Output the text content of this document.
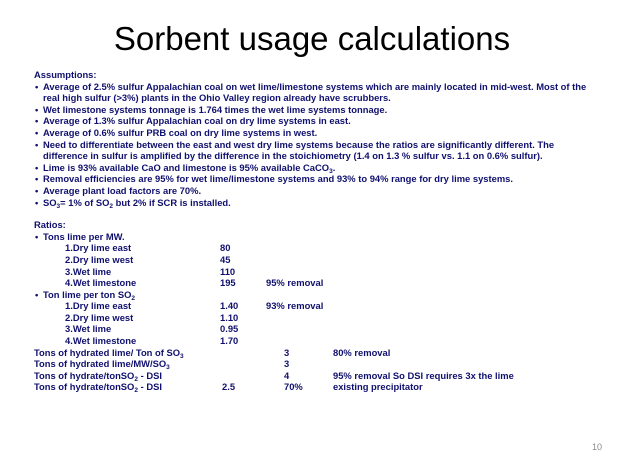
Sorbent usage calculations
Assumptions:
• Average of 2.5% sulfur Appalachian coal on wet lime/limestone systems which are mainly located in mid-west. Most of the real high sulfur (>3%) plants in the Ohio Valley region already have scrubbers.
• Wet limestone systems tonnage is 1.764 times the wet lime systems tonnage.
• Average of 1.3% sulfur Appalachian coal on dry lime systems in east.
• Average of 0.6% sulfur PRB coal on dry lime systems in west.
• Need to differentiate between the east and west dry lime systems because the ratios are significantly different. The difference in sulfur is amplified by the difference in the stoichiometry (1.4 on 1.3 % sulfur vs. 1.1 on 0.6% sulfur).
• Lime is 93% available CaO and limestone is 95% available CaCO$_3$.
• Removal efficiencies are 95% for wet lime/limestone systems and 93% to 94% range for dry lime systems.
• Average plant load factors are 70%.
• $SO_3= 1\%$ of $SO_2$ but 2% if SCR is installed.
Ratios:
• Tons lime per MW.
1.Dry lime east	80
2.Dry lime west	45
3.Wet lime	110
4.Wet limestone	195	95% removal
• Ton lime per ton $SO_2$
1.Dry lime east	1.40	93% removal
2.Dry lime west	1.10
3.Wet lime	0.95
4.Wet limestone	1.70
Tons of hydrated lime/ Ton of $SO_3$	3	80% removal
Tons of hydrated lime/$MW/SO_3$	3
Tons of hydrate/tonSO$_2$ - DSI	4	95% removal So DSI requires 3x the lime
Tons of hydrate/tonSO$_2$ - DSI	2.5	70%	existing precipitator
10
